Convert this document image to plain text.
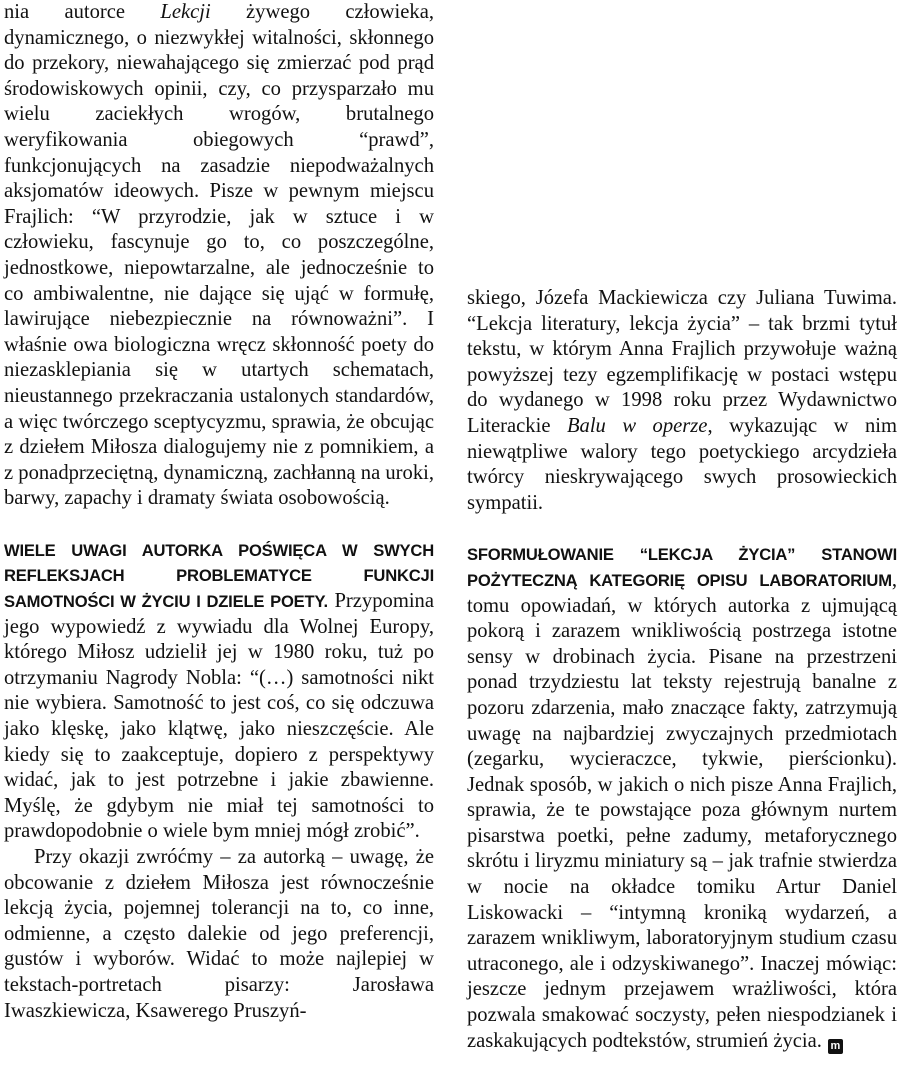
nia autorce Lekcji żywego człowieka, dynamicznego, o niezwykłej witalności, skłonnego do przekory, niewahającego się zmierzać pod prąd środowiskowych opinii, czy, co przysparzało mu wielu zaciekłych wrogów, brutalnego weryfikowania obiegowych “prawd”, funkcjonujących na zasadzie niepodważalnych aksjomatów ideowych. Pisze w pewnym miejscu Frajlich: “W przyrodzie, jak w sztuce i w człowieku, fascynuje go to, co poszczególne, jednostkowe, niepowtarzalne, ale jednocześnie to co ambiwalentne, nie dające się ująć w formułę, lawirujące niebezpiecznie na równoważni”. I właśnie owa biologiczna wręcz skłonność poety do niezasklepiania się w utartych schematach, nieustannego przekraczania ustalonych standardów, a więc twórczego sceptycyzmu, sprawia, że obcując z dziełem Miłosza dialogujemy nie z pomnikiem, a z ponadprzeciętną, dynamiczną, zachłanną na uroki, barwy, zapachy i dramaty świata osobowością.

WIELE UWAGI AUTORKA POŚWIĘCA W SWYCH REFLEKSJACH PROBLEMATYCE FUNKCJI SAMOTNOŚCI W ŻYCIU I DZIELE POETY. Przypomina jego wypowiedź z wywiadu dla Wolnej Europy, którego Miłosz udzielił jej w 1980 roku, tuż po otrzymaniu Nagrody Nobla: “(…) samotności nikt nie wybiera. Samotność to jest coś, co się odczuwa jako klęskę, jako klątwę, jako nieszczęście. Ale kiedy się to zaakceptuje, dopiero z perspektywy widać, jak to jest potrzebne i jakie zbawienne. Myślę, że gdybym nie miał tej samotności to prawdopodobnie o wiele bym mniej mógł zrobić”.

Przy okazji zwróćmy – za autorką – uwagę, że obcowanie z dziełem Miłosza jest równocześnie lekcją życia, pojemnej tolerancji na to, co inne, odmienne, a często dalekie od jego preferencji, gustów i wyborów. Widać to może najlepiej w tekstach-portretach pisarzy: Jarosława Iwaszkiewicza, Ksawerego Pruszyń-

skiego, Józefa Mackiewicza czy Juliana Tuwima. “Lekcja literatury, lekcja życia” – tak brzmi tytuł tekstu, w którym Anna Frajlich przywołuje ważną powyższej tezy egzemplifikację w postaci wstępu do wydanego w 1998 roku przez Wydawnictwo Literackie Balu w operze, wykazując w nim niewątpliwe walory tego poetyckiego arcydzieła twórcy nieskrywającego swych prosowieckich sympatii.

SFORMUŁOWANIE “LEKCJA ŻYCIA” STANOWI POŻYTECZNĄ KATEGORIĘ OPISU LABORATORIUM, tomu opowiadań, w których autorka z ujmującą pokorą i zarazem wnikliwością postrzega istotne sensy w drobinach życia. Pisane na przestrzeni ponad trzydziestu lat teksty rejestrują banalne z pozoru zdarzenia, mało znaczące fakty, zatrzymują uwagę na najbardziej zwyczajnych przedmiotach (zegarku, wycieraczce, tykwie, pierścionku). Jednak sposób, w jakich o nich pisze Anna Frajlich, sprawia, że te powstające poza głównym nurtem pisarstwa poetki, pełne zadumy, metaforycznego skrótu i liryzmu miniatury są – jak trafnie stwierdza w nocie na okładce tomiku Artur Daniel Liskowacki – “intymną kroniką wydarzeń, a zarazem wnikliwym, laboratoryjnym studium czasu utraconego, ale i odzyskiwanego”. Inaczej mówiąc: jeszcze jednym przejawem wrażliwości, która pozwala smakować soczysty, pełen niespodzianek i zaskakujących podtekstów, strumień życia. m
